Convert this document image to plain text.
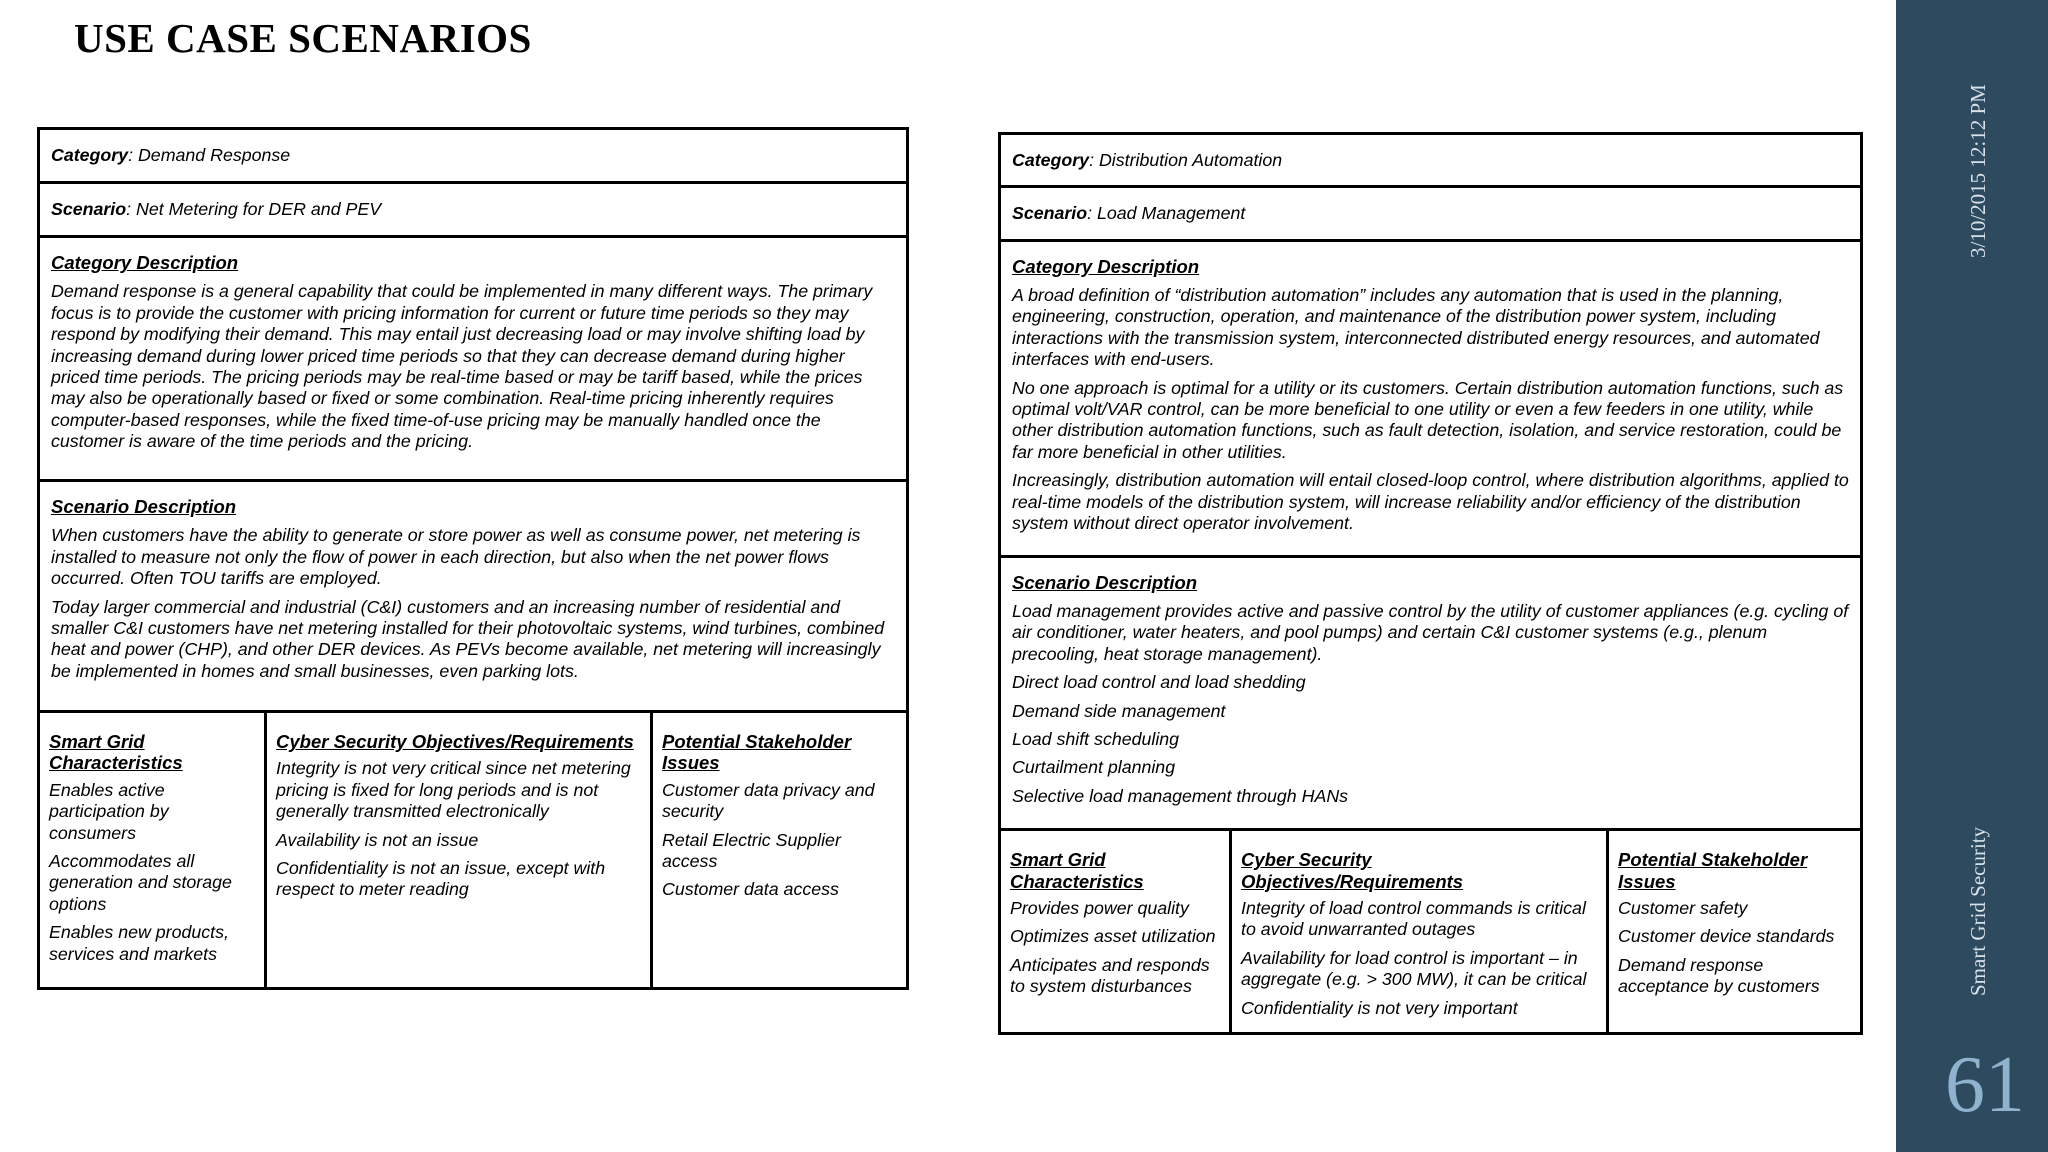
USE CASE SCENARIOS
Category : Demand Response
Scenario : Net Metering for DER and PEV
Category Description

Demand response is a general capability that could be implemented in many different ways. The primary focus is to provide the customer with pricing information for current or future time periods so they may respond by modifying their demand. This may entail just decreasing load or may involve shifting load by increasing demand during lower priced time periods so that they can decrease demand during higher priced time periods. The pricing periods may be real-time based or may be tariff based, while the prices may also be operationally based or fixed or some combination. Real-time pricing inherently requires computer-based responses, while the fixed time-of-use pricing may be manually handled once the customer is aware of the time periods and the pricing.

Scenario Description

When customers have the ability to generate or store power as well as consume power, net metering is installed to measure not only the flow of power in each direction, but also when the net power flows occurred. Often TOU tariffs are employed.

Today larger commercial and industrial (C&I) customers and an increasing number of residential and smaller C&I customers have net metering installed for their photovoltaic systems, wind turbines, combined heat and power (CHP), and other DER devices. As PEVs become available, net metering will increasingly be implemented in homes and small businesses, even parking lots.

Smart Grid Characteristics

Enables active participation by consumers

Accommodates all generation and storage options

Enables new products, services and markets

Cyber Security Objectives/Requirements

Integrity is not very critical since net metering pricing is fixed for long periods and is not generally transmitted electronically

Availability is not an issue

Confidentiality is not an issue, except with respect to meter reading

Potential Stakeholder Issues

Customer data privacy and security

Retail Electric Supplier access

Customer data access

Category : Distribution Automation
Scenario : Load Management
Category Description

A broad definition of “distribution automation” includes any automation that is used in the planning, engineering, construction, operation, and maintenance of the distribution power system, including interactions with the transmission system, interconnected distributed energy resources, and automated interfaces with end-users.

No one approach is optimal for a utility or its customers. Certain distribution automation functions, such as optimal volt/VAR control, can be more beneficial to one utility or even a few feeders in one utility, while other distribution automation functions, such as fault detection, isolation, and service restoration, could be far more beneficial in other utilities.

Increasingly, distribution automation will entail closed-loop control, where distribution algorithms, applied to real-time models of the distribution system, will increase reliability and/or efficiency of the distribution system without direct operator involvement.

Scenario Description

Load management provides active and passive control by the utility of customer appliances (e.g. cycling of air conditioner, water heaters, and pool pumps) and certain C&I customer systems (e.g., plenum precooling, heat storage management).

Direct load control and load shedding

Demand side management

Load shift scheduling

Curtailment planning

Selective load management through HANs

Smart Grid Characteristics

Provides power quality

Optimizes asset utilization

Anticipates and responds to system disturbances

Cyber Security Objectives/Requirements

Integrity of load control commands is critical to avoid unwarranted outages

Availability for load control is important – in aggregate (e.g. > 300 MW), it can be critical

Confidentiality is not very important

Potential Stakeholder Issues

Customer safety

Customer device standards

Demand response acceptance by customers

3/10/2015 12:12 PM
Smart Grid Security
61
